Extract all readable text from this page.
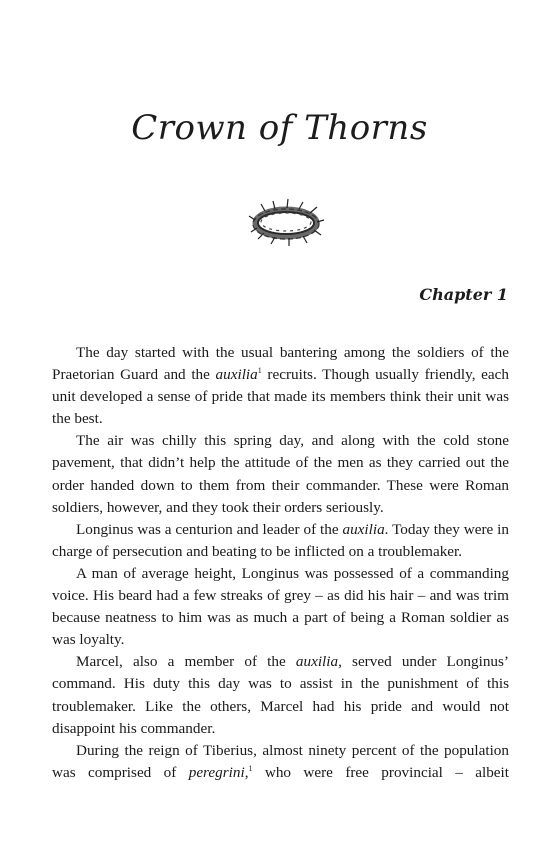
Crown of Thorns
Chapter 1

The day started with the usual bantering among the soldiers of the Praetorian Guard and the auxilia$^1$ recruits. Though usually friendly, each unit developed a sense of pride that made its members think their unit was the best.

The air was chilly this spring day, and along with the cold stone pavement, that didn’t help the attitude of the men as they carried out the order handed down to them from their commander. These were Roman soldiers, however, and they took their orders seriously.

Longinus was a centurion and leader of the auxilia. Today they were in charge of persecution and beating to be inflicted on a troublemaker.

A man of average height, Longinus was possessed of a commanding voice. His beard had a few streaks of grey – as did his hair – and was trim because neatness to him was as much a part of being a Roman soldier as was loyalty.

Marcel, also a member of the auxilia, served under Longinus’ command. His duty this day was to assist in the punishment of this troublemaker. Like the others, Marcel had his pride and would not disappoint his commander.

During the reign of Tiberius, almost ninety percent of the population was comprised of peregrini,$^1$ who were free provincial – albeit
